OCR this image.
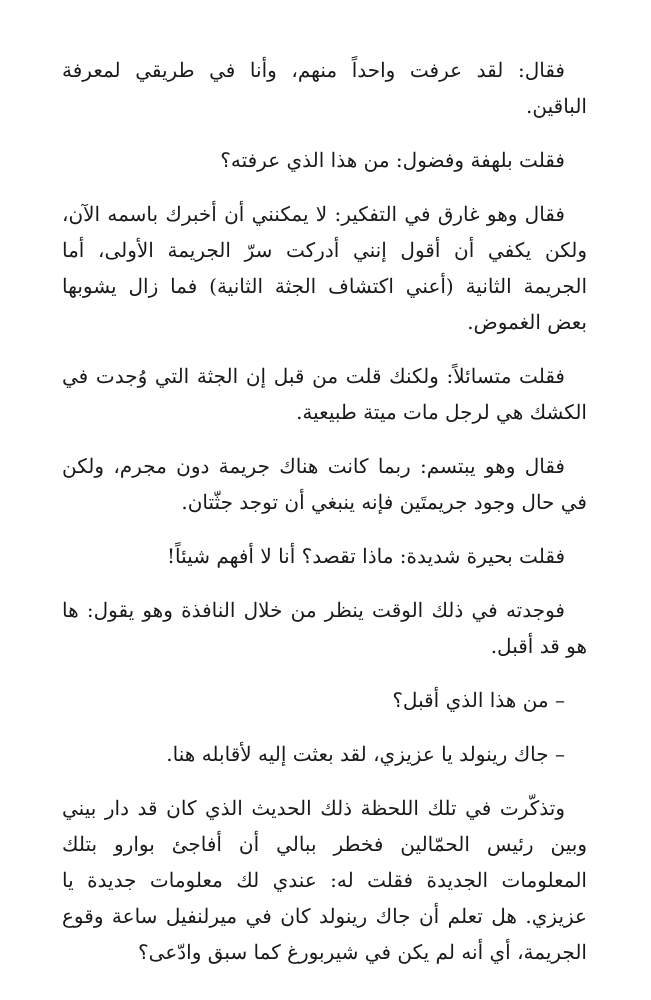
فقال: لقد عرفت واحداً منهم، وأنا في طريقي لمعرفة الباقين.

فقلت بلهفة وفضول: من هذا الذي عرفته؟

فقال وهو غارق في التفكير: لا يمكنني أن أخبرك باسمه الآن، ولكن يكفي أن أقول إنني أدركت سرّ الجريمة الأولى، أما الجريمة الثانية (أعني اكتشاف الجثة الثانية) فما زال يشوبها بعض الغموض.

فقلت متسائلاً: ولكنك قلت من قبل إن الجثة التي وُجدت في الكشك هي لرجل مات ميتة طبيعية.

فقال وهو يبتسم: ربما كانت هناك جريمة دون مجرم، ولكن في حال وجود جريمتَين فإنه ينبغي أن توجد جثّتان.

فقلت بحيرة شديدة: ماذا تقصد؟ أنا لا أفهم شيئاً!

فوجدته في ذلك الوقت ينظر من خلال النافذة وهو يقول: ها هو قد أقبل.

– من هذا الذي أقبل؟

– جاك رينولد يا عزيزي، لقد بعثت إليه لأقابله هنا.

وتذكّرت في تلك اللحظة ذلك الحديث الذي كان قد دار بيني وبين رئيس الحمّالين فخطر ببالي أن أفاجئ بوارو بتلك المعلومات الجديدة فقلت له: عندي لك معلومات جديدة يا عزيزي. هل تعلم أن جاك رينولد كان في ميرلنفيل ساعة وقوع الجريمة، أي أنه لم يكن في شيربورغ كما سبق وادّعى؟
